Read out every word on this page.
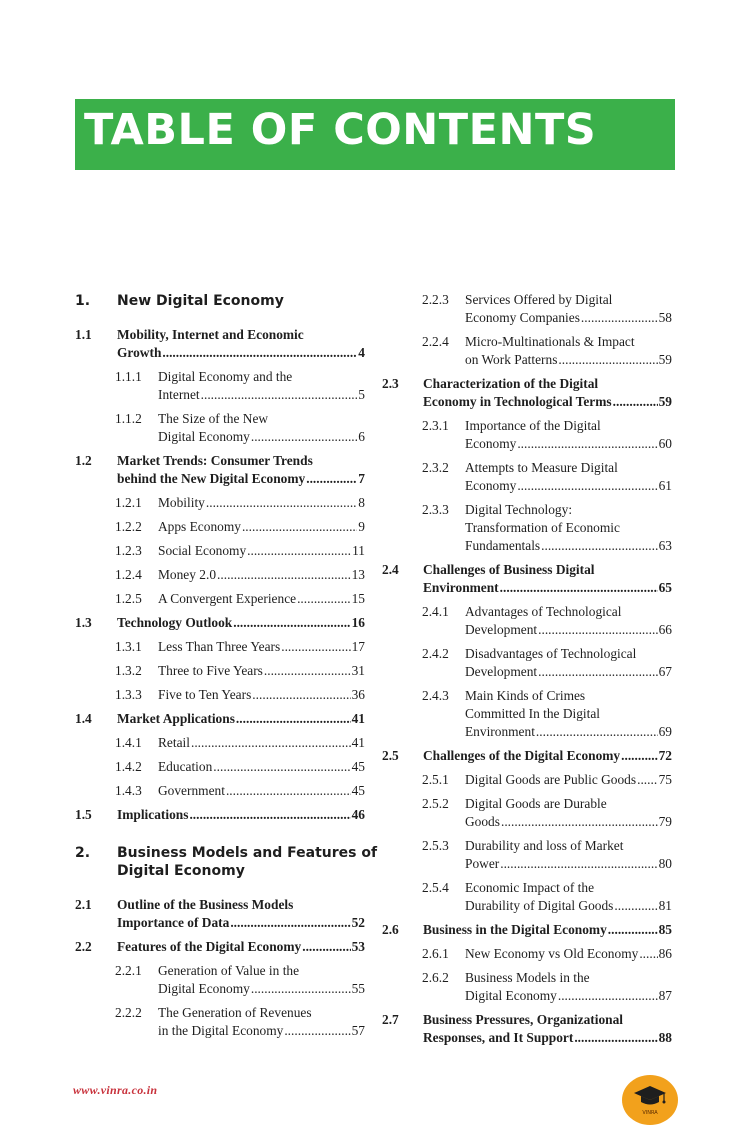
TABLE OF CONTENTS
1. New Digital Economy
1.1 Mobility, Internet and Economic
Growth .....	4
1.1.1 Digital Economy and the
Internet .....	5
1.1.2 The Size of the New
Digital Economy .....	6
1.2 Market Trends: Consumer Trends
behind the New Digital Economy .....	7
1.2.1 Mobility .....	8
1.2.2 Apps Economy .....	9
1.2.3 Social Economy .....	11
1.2.4 Money 2.0 .....	13
1.2.5 A Convergent Experience .....	15
1.3 Technology Outlook .....	16
1.3.1 Less Than Three Years .....	17
1.3.2 Three to Five Years .....	31
1.3.3 Five to Ten Years .....	36
1.4 Market Applications .....	41
1.4.1 Retail .....	41
1.4.2 Education .....	45
1.4.3 Government .....	45
1.5 Implications .....	46
2. Business Models and Features of
Digital Economy
2.1 Outline of the Business Models
Importance of Data .....	52
2.2 Features of the Digital Economy .....	53
2.2.1 Generation of Value in the
Digital Economy .....	55
2.2.2 The Generation of Revenues
in the Digital Economy .....	57
2.2.3 Services Offered by Digital
Economy Companies .....	58
2.2.4 Micro-Multinationals & Impact
on Work Patterns .....	59
2.3 Characterization of the Digital
Economy in Technological Terms .....	59
2.3.1 Importance of the Digital
Economy .....	60
2.3.2 Attempts to Measure Digital
Economy .....	61
2.3.3 Digital Technology:
Transformation of Economic
Fundamentals .....	63
2.4 Challenges of Business Digital
Environment .....	65
2.4.1 Advantages of Technological
Development .....	66
2.4.2 Disadvantages of Technological
Development .....	67
2.4.3 Main Kinds of Crimes
Committed In the Digital
Environment .....	69
2.5 Challenges of the Digital Economy .....	72
2.5.1 Digital Goods are Public Goods ..... 75
2.5.2 Digital Goods are Durable
Goods .....	79
2.5.3 Durability and loss of Market
Power .....	80
2.5.4 Economic Impact of the
Durability of Digital Goods .....	81
2.6 Business in the Digital Economy .....	85
2.6.1 New Economy vs Old Economy ..... 86
2.6.2 Business Models in the
Digital Economy .....	87
2.7 Business Pressures, Organizational
Responses, and It Support .....	88

www.vinra.co.in

VINRA
